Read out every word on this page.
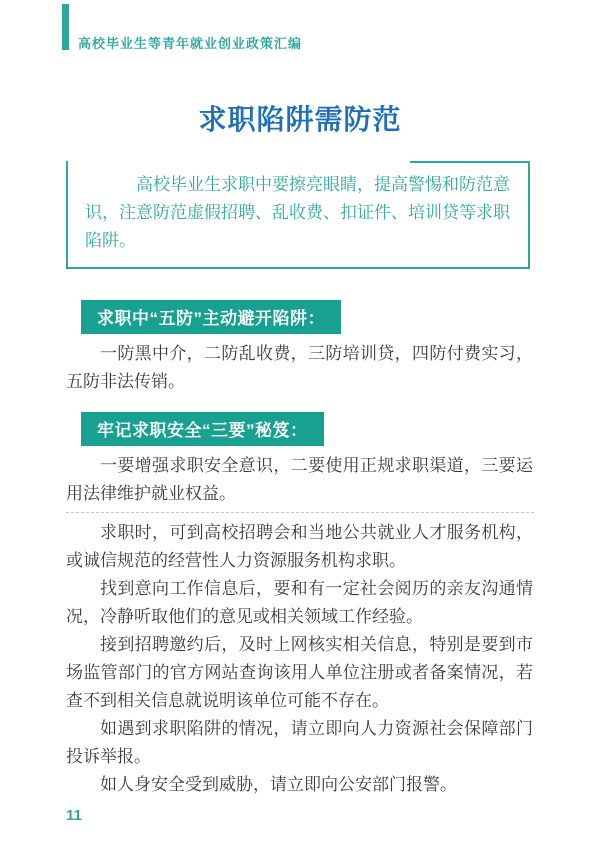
高校毕业生等青年就业创业政策汇编
求职陷阱需防范
高校毕业生求职中要擦亮眼睛，提高警惕和防范意识，注意防范虚假招聘、乱收费、扣证件、培训贷等求职陷阱。
求职中“五防”主动避开陷阱：

一防黑中介，二防乱收费，三防培训贷，四防付费实习，五防非法传销。

牢记求职安全“三要”秘笈：

一要增强求职安全意识，二要使用正规求职渠道，三要运用法律维护就业权益。

求职时，可到高校招聘会和当地公共就业人才服务机构，或诚信规范的经营性人力资源服务机构求职。

找到意向工作信息后，要和有一定社会阅历的亲友沟通情况，冷静听取他们的意见或相关领域工作经验。

接到招聘邀约后，及时上网核实相关信息，特别是要到市场监管部门的官方网站查询该用人单位注册或者备案情况，若查不到相关信息就说明该单位可能不存在。

如遇到求职陷阱的情况，请立即向人力资源社会保障部门投诉举报。

如人身安全受到威胁，请立即向公安部门报警。

11
